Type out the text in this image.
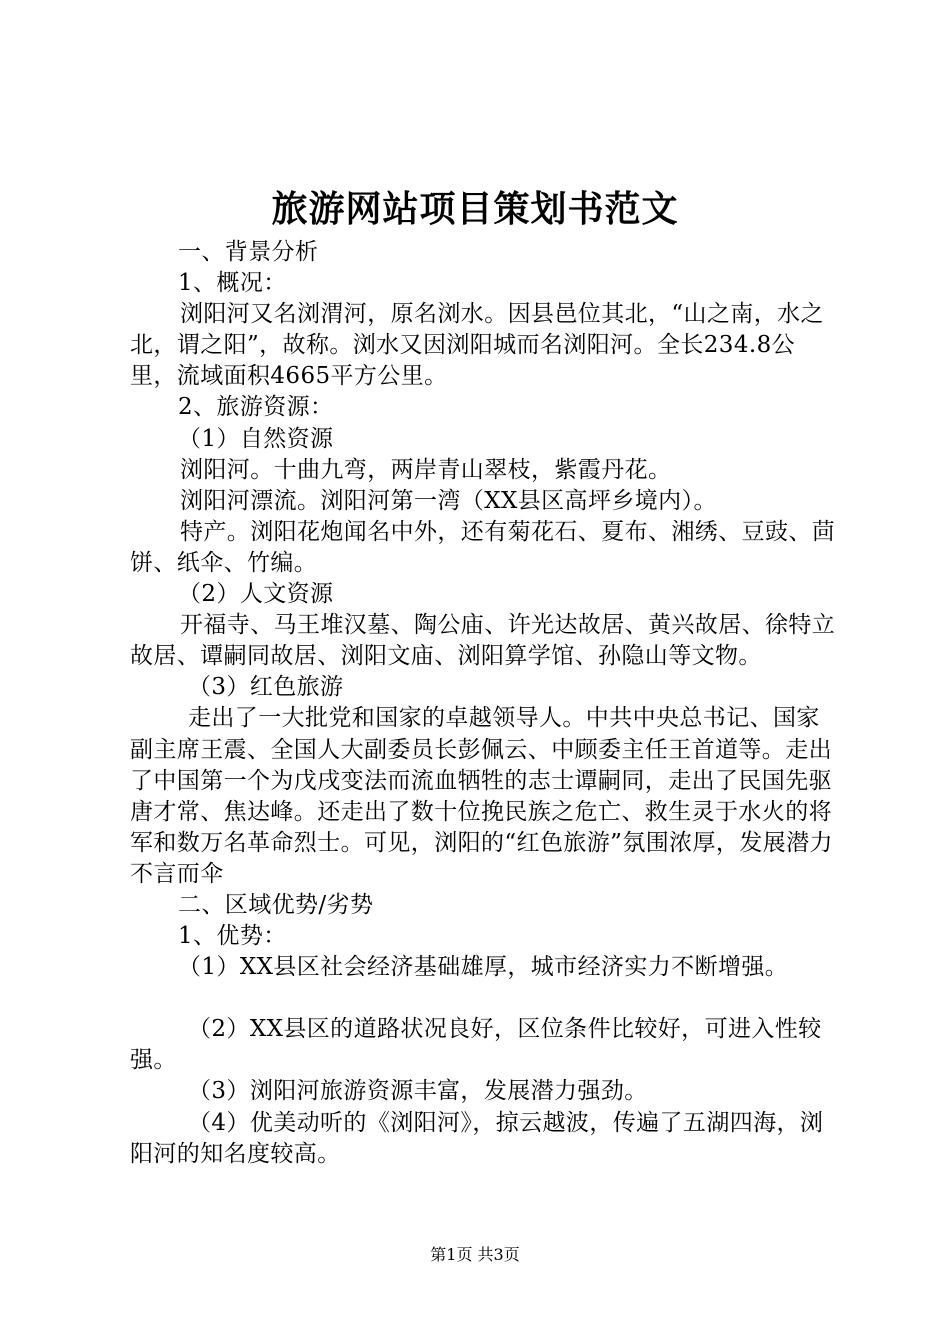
旅游网站项目策划书范文

一、背景分析

1、概况：

浏阳河又名浏渭河，原名浏水。因县邑位其北，“山之南，水之北，谓之阳”，故称。浏水又因浏阳城而名浏阳河。全长234.8公里，流域面积4665平方公里。

2、旅游资源：

（1）自然资源

浏阳河。十曲九弯，两岸青山翠枝，紫霞丹花。

浏阳河漂流。浏阳河第一湾（XX县区高坪乡境内）。

特产。浏阳花炮闻名中外，还有菊花石、夏布、湘绣、豆豉、茴饼、纸伞、竹编。

（2）人文资源

开福寺、马王堆汉墓、陶公庙、许光达故居、黄兴故居、徐特立故居、谭嗣同故居、浏阳文庙、浏阳算学馆、孙隐山等文物。

（3）红色旅游

走出了一大批党和国家的卓越领导人。中共中央总书记、国家副主席王震、全国人大副委员长彭佩云、中顾委主任王首道等。走出了中国第一个为戊戌变法而流血牺牲的志士谭嗣同，走出了民国先驱唐才常、焦达峰。还走出了数十位挽民族之危亡、救生灵于水火的将军和数万名革命烈士。可见，浏阳的“红色旅游”氛围浓厚，发展潜力不言而伞

二、区域优势/劣势

1、优势：

（1）XX县区社会经济基础雄厚，城市经济实力不断增强。

（2）XX县区的道路状况良好，区位条件比较好，可进入性较强。

（3）浏阳河旅游资源丰富，发展潜力强劲。

（4）优美动听的《浏阳河》，掠云越波，传遍了五湖四海，浏阳河的知名度较高。

第1页 共3页
